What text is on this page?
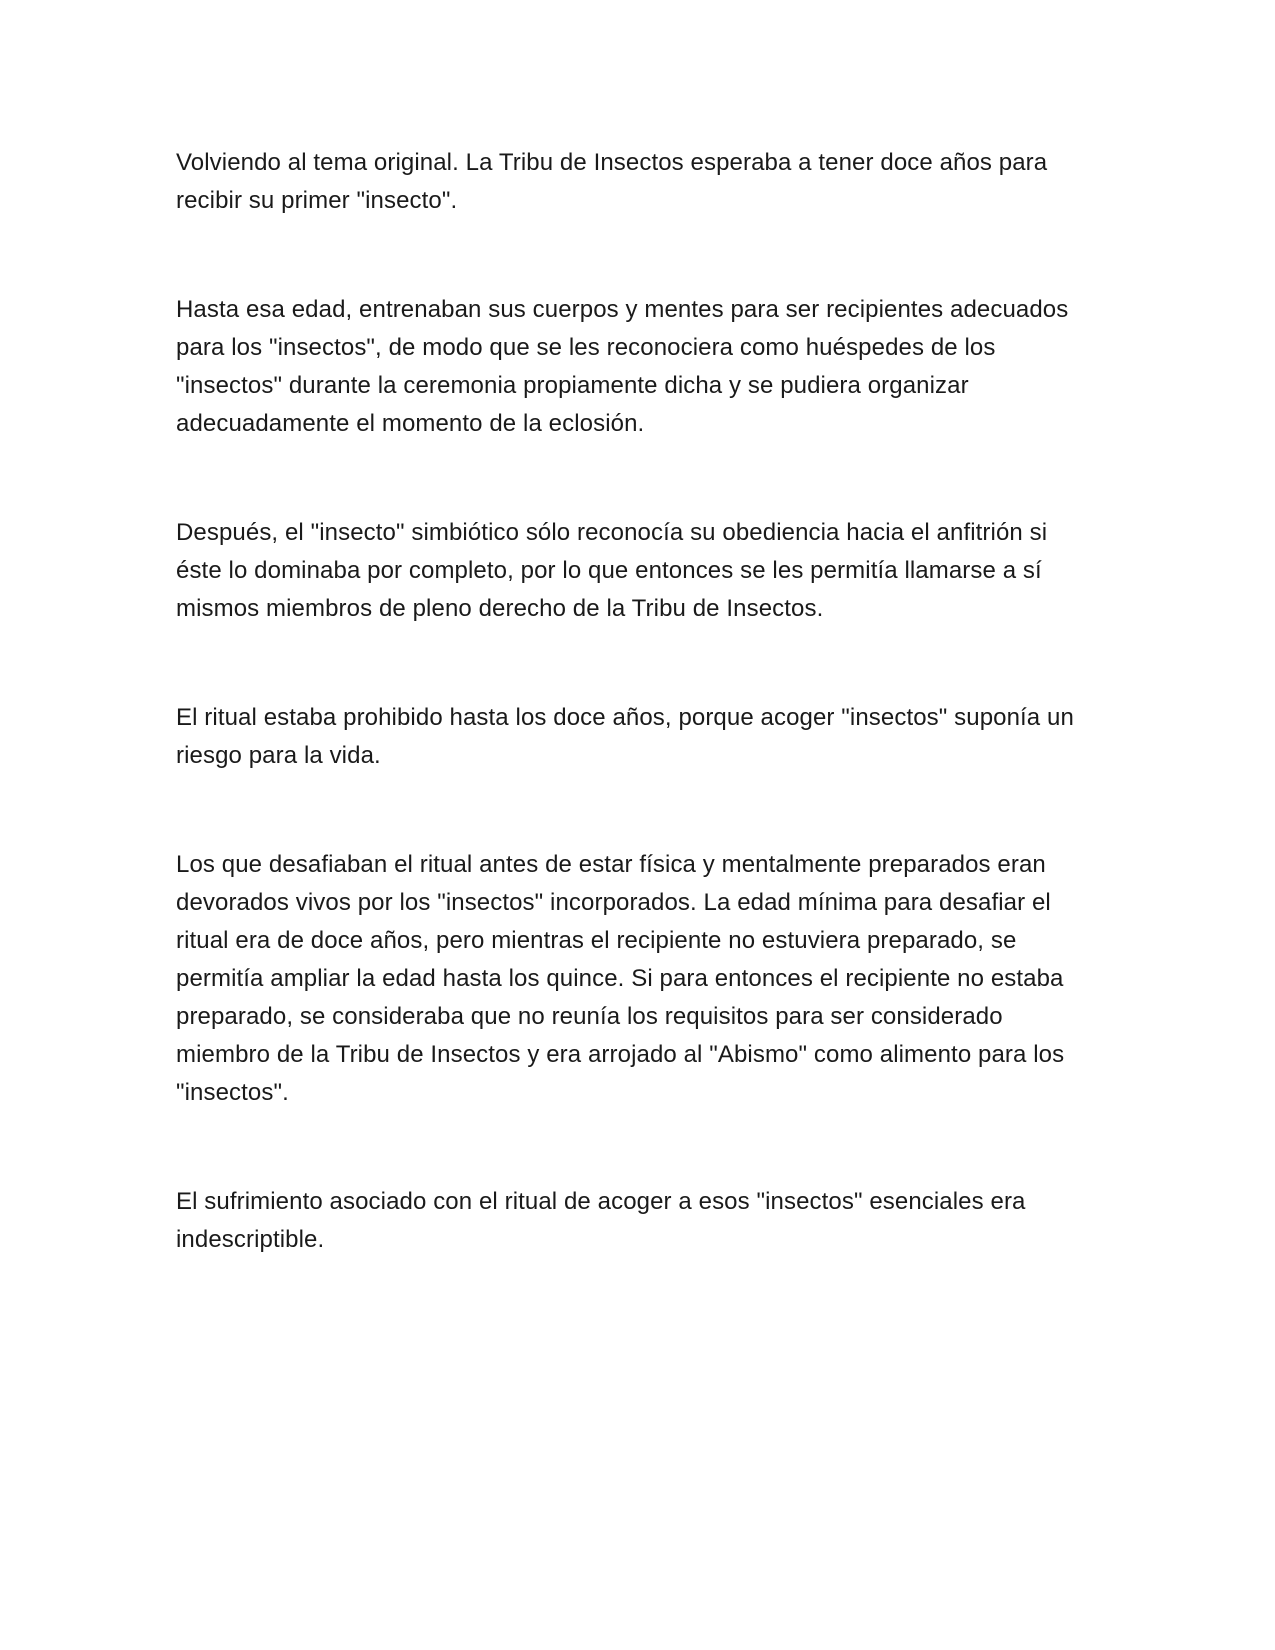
Volviendo al tema original. La Tribu de Insectos esperaba a tener doce años para recibir su primer "insecto".

Hasta esa edad, entrenaban sus cuerpos y mentes para ser recipientes adecuados para los "insectos", de modo que se les reconociera como huéspedes de los "insectos" durante la ceremonia propiamente dicha y se pudiera organizar adecuadamente el momento de la eclosión.

Después, el "insecto" simbiótico sólo reconocía su obediencia hacia el anfitrión si éste lo dominaba por completo, por lo que entonces se les permitía llamarse a sí mismos miembros de pleno derecho de la Tribu de Insectos.

El ritual estaba prohibido hasta los doce años, porque acoger "insectos" suponía un riesgo para la vida.

Los que desafiaban el ritual antes de estar física y mentalmente preparados eran devorados vivos por los "insectos" incorporados. La edad mínima para desafiar el ritual era de doce años, pero mientras el recipiente no estuviera preparado, se permitía ampliar la edad hasta los quince. Si para entonces el recipiente no estaba preparado, se consideraba que no reunía los requisitos para ser considerado miembro de la Tribu de Insectos y era arrojado al "Abismo" como alimento para los "insectos".

El sufrimiento asociado con el ritual de acoger a esos "insectos" esenciales era indescriptible.
